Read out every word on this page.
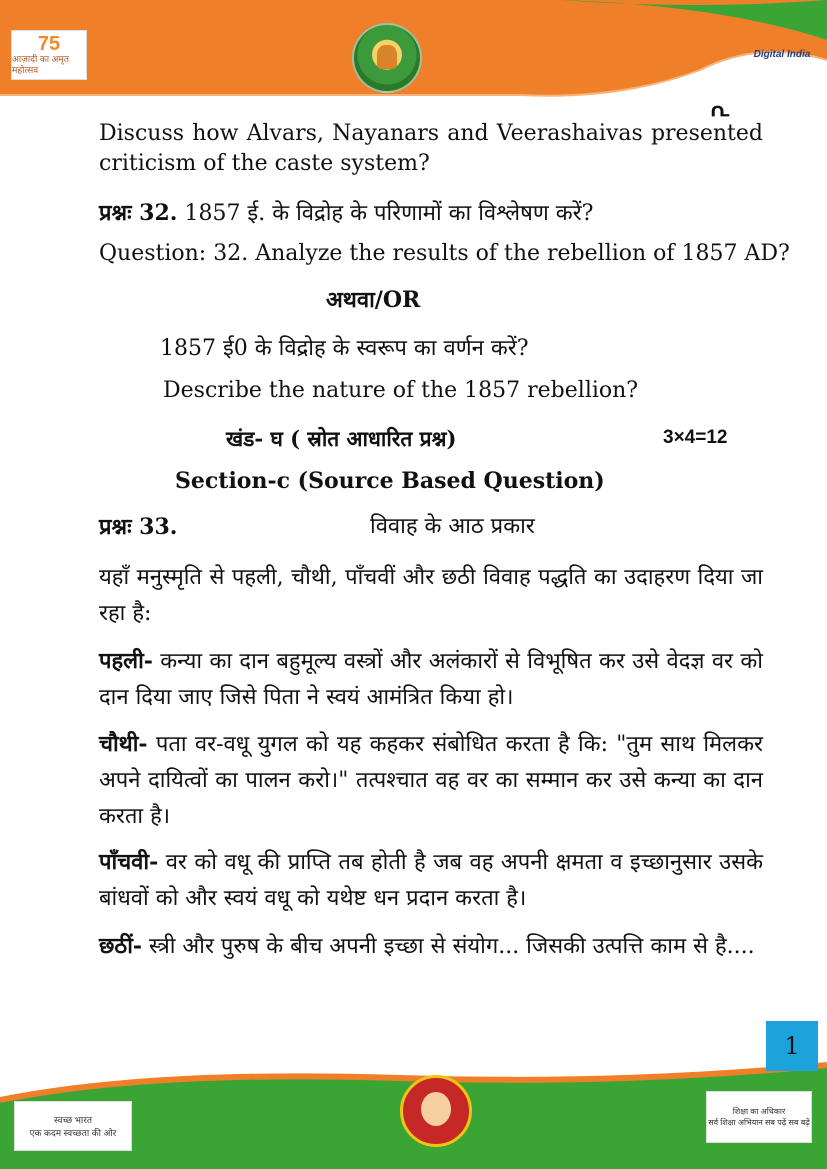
75
आज़ादी का अमृत महोत्सव
Digital India
ᕆ
Discuss how Alvars, Nayanars and Veerashaivas presented criticism of the caste system?
प्रश्नः 32. 1857 ई. के विद्रोह के परिणामों का विश्लेषण करें?
Question: 32. Analyze the results of the rebellion of 1857 AD?
अथवा/OR
1857 ई0 के विद्रोह के स्वरूप का वर्णन करें?
Describe the nature of the 1857 rebellion?
खंड- घ ( स्रोत आधारित प्रश्न)	3×4=12
Section-c (Source Based Question)
प्रश्नः 33.	विवाह के आठ प्रकार
यहाँ मनुस्मृति से पहली, चौथी, पाँचवीं और छठी विवाह पद्धति का उदाहरण दिया जा रहा है:
पहली- कन्या का दान बहुमूल्य वस्त्रों और अलंकारों से विभूषित कर उसे वेदज्ञ वर को दान दिया जाए जिसे पिता ने स्वयं आमंत्रित किया हो।
चौथी- पता वर-वधू युगल को यह कहकर संबोधित करता है कि: "तुम साथ मिलकर अपने दायित्वों का पालन करो।" तत्पश्चात वह वर का सम्मान कर उसे कन्या का दान करता है।
पाँचवी- वर को वधू की प्राप्ति तब होती है जब वह अपनी क्षमता व इच्छानुसार उसके बांधवों को और स्वयं वधू को यथेष्ट धन प्रदान करता है।
छठीं- स्त्री और पुरुष के बीच अपनी इच्छा से संयोग... जिसकी उत्पत्ति काम से है....
1
स्वच्छ भारत
एक कदम स्वच्छता की ओर
शिक्षा का अधिकार
सर्व शिक्षा अभियान सब पढ़ें सब बढ़ें
